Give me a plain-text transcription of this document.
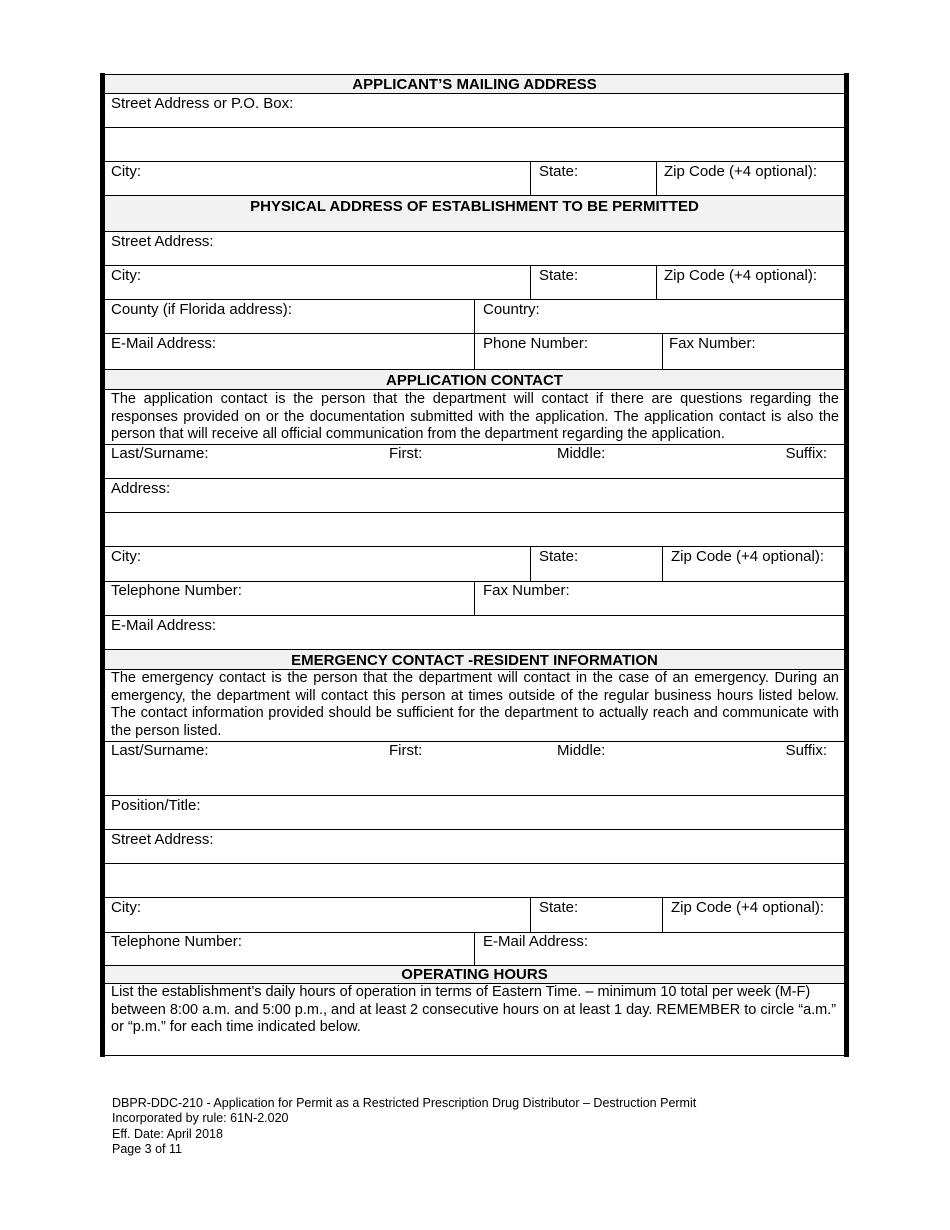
APPLICANT’S MAILING ADDRESS
Street Address or P.O. Box:
City:	State:	Zip Code (+4 optional):
PHYSICAL ADDRESS OF ESTABLISHMENT TO BE PERMITTED
Street Address:
City:	State:	Zip Code (+4 optional):
County (if Florida address):	Country:
E-Mail Address:	Phone Number:	Fax Number:
APPLICATION CONTACT
The application contact is the person that the department will contact if there are questions regarding the responses provided on or the documentation submitted with the application. The application contact is also the person that will receive all official communication from the department regarding the application.
Last/Surname:	First:	Middle:	Suffix:
Address:
City:	State:	Zip Code (+4 optional):
Telephone Number:	Fax Number:
E-Mail Address:
EMERGENCY CONTACT -RESIDENT INFORMATION
The emergency contact is the person that the department will contact in the case of an emergency. During an emergency, the department will contact this person at times outside of the regular business hours listed below. The contact information provided should be sufficient for the department to actually reach and communicate with the person listed.
Last/Surname:	First:	Middle:	Suffix:
Position/Title:
Street Address:
City:	State:	Zip Code (+4 optional):
Telephone Number:	E-Mail Address:
OPERATING HOURS
List the establishment’s daily hours of operation in terms of Eastern Time. – minimum 10 total per week (M-F) between 8:00 a.m. and 5:00 p.m., and at least 2 consecutive hours on at least 1 day. REMEMBER to circle “a.m.” or “p.m.” for each time indicated below.
DBPR-DDC-210 - Application for Permit as a Restricted Prescription Drug Distributor – Destruction Permit
Incorporated by rule: 61N-2.020
Eff. Date: April 2018
Page 3 of 11
